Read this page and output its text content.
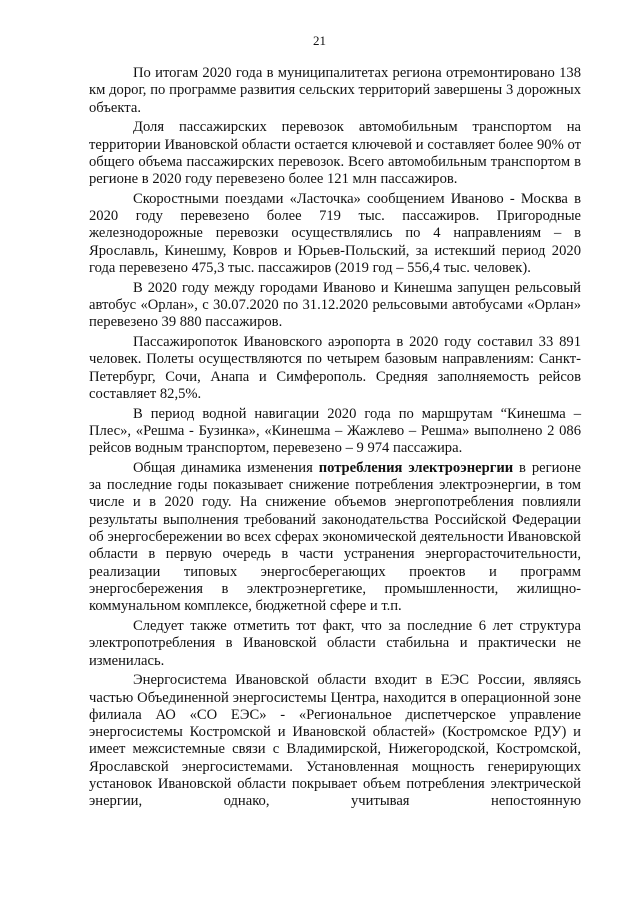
21

По итогам 2020 года в муниципалитетах региона отремонтировано 138 км дорог, по программе развития сельских территорий завершены 3 дорожных объекта.

Доля пассажирских перевозок автомобильным транспортом на территории Ивановской области остается ключевой и составляет более 90% от общего объема пассажирских перевозок. Всего автомобильным транспортом в регионе в 2020 году перевезено более 121 млн пассажиров.

Скоростными поездами «Ласточка» сообщением Иваново - Москва в 2020 году перевезено более 719 тыс. пассажиров. Пригородные железнодорожные перевозки осуществлялись по 4 направлениям – в Ярославль, Кинешму, Ковров и Юрьев-Польский, за истекший период 2020 года перевезено 475,3 тыс. пассажиров (2019 год – 556,4 тыс. человек).

В 2020 году между городами Иваново и Кинешма запущен рельсовый автобус «Орлан», с 30.07.2020 по 31.12.2020 рельсовыми автобусами «Орлан» перевезено 39 880 пассажиров.

Пассажиропоток Ивановского аэропорта в 2020 году составил 33 891 человек. Полеты осуществляются по четырем базовым направлениям: Санкт-Петербург, Сочи, Анапа и Симферополь. Средняя заполняемость рейсов составляет 82,5%.

В период водной навигации 2020 года по маршрутам “Кинешма – Плес», «Решма - Бузинка», «Кинешма – Жажлево – Решма» выполнено 2 086 рейсов водным транспортом, перевезено – 9 974 пассажира.

Общая динамика изменения потребления электроэнергии в регионе за последние годы показывает снижение потребления электроэнергии, в том числе и в 2020 году. На снижение объемов энергопотребления повлияли результаты выполнения требований законодательства Российской Федерации об энергосбережении во всех сферах экономической деятельности Ивановской области в первую очередь в части устранения энергорасточительности, реализации типовых энергосберегающих проектов и программ энергосбережения в электроэнергетике, промышленности, жилищно-коммунальном комплексе, бюджетной сфере и т.п.

Следует также отметить тот факт, что за последние 6 лет структура электропотребления в Ивановской области стабильна и практически не изменилась.

Энергосистема Ивановской области входит в ЕЭС России, являясь частью Объединенной энергосистемы Центра, находится в операционной зоне филиала АО «СО ЕЭС» - «Региональное диспетчерское управление энергосистемы Костромской и Ивановской областей» (Костромское РДУ) и имеет межсистемные связи с Владимирской, Нижегородской, Костромской, Ярославской энергосистемами. Установленная мощность генерирующих установок Ивановской области покрывает объем потребления электрической энергии, однако, учитывая непостоянную
